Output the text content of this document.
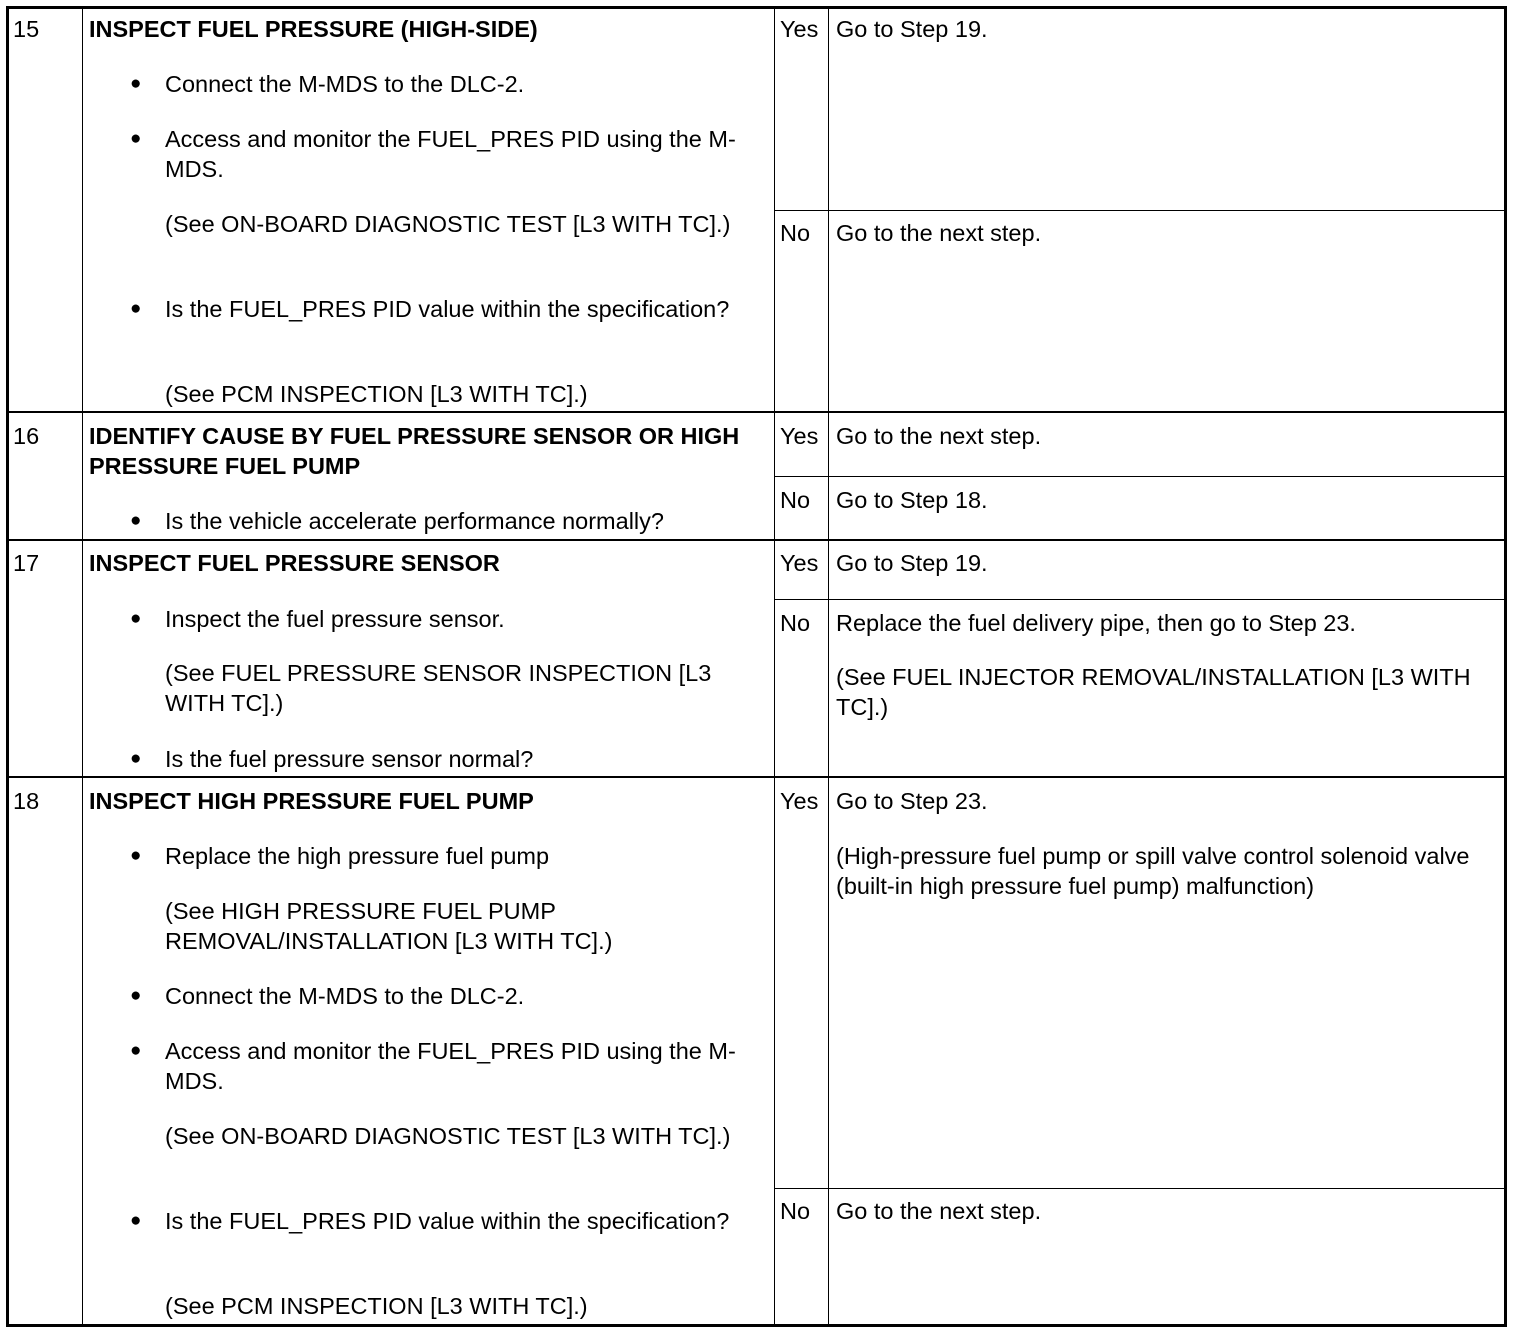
15 INSPECT FUEL PRESSURE (HIGH-SIDE)
● Connect the M-MDS to the DLC-2.
● Access and monitor the FUEL_PRES PID using the M-MDS.
(See ON-BOARD DIAGNOSTIC TEST [L3 WITH TC].)
● Is the FUEL_PRES PID value within the specification?
(See PCM INSPECTION [L3 WITH TC].)
Yes Go to Step 19.
No Go to the next step.
16 IDENTIFY CAUSE BY FUEL PRESSURE SENSOR OR HIGH PRESSURE FUEL PUMP
● Is the vehicle accelerate performance normally?
Yes Go to the next step.
No Go to Step 18.
17 INSPECT FUEL PRESSURE SENSOR
● Inspect the fuel pressure sensor.
(See FUEL PRESSURE SENSOR INSPECTION [L3 WITH TC].)
● Is the fuel pressure sensor normal?
Yes Go to Step 19.
No Replace the fuel delivery pipe, then go to Step 23.
(See FUEL INJECTOR REMOVAL/INSTALLATION [L3 WITH TC].)
18 INSPECT HIGH PRESSURE FUEL PUMP
● Replace the high pressure fuel pump
(See HIGH PRESSURE FUEL PUMP REMOVAL/INSTALLATION [L3 WITH TC].)
● Connect the M-MDS to the DLC-2.
● Access and monitor the FUEL_PRES PID using the M-MDS.
(See ON-BOARD DIAGNOSTIC TEST [L3 WITH TC].)
● Is the FUEL_PRES PID value within the specification?
(See PCM INSPECTION [L3 WITH TC].)
Yes Go to Step 23.
(High-pressure fuel pump or spill valve control solenoid valve (built-in high pressure fuel pump) malfunction)
No Go to the next step.
